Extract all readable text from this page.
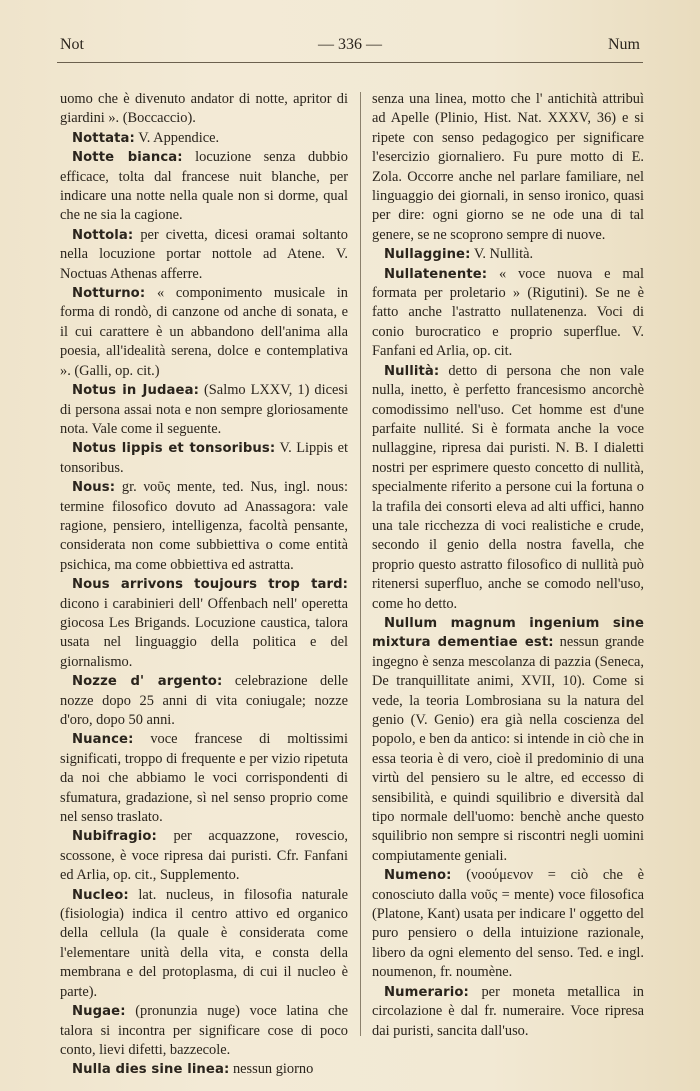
Not	— 336 —	Num

uomo che è divenuto andator di notte, apritor di giardini ». (Boccaccio).

Nottata: V. Appendice.

Notte bianca: locuzione senza dubbio efficace, tolta dal francese nuit blanche, per indicare una notte nella quale non si dorme, qual che ne sia la cagione.

Nottola: per civetta, dicesi oramai soltanto nella locuzione portar nottole ad Atene. V. Noctuas Athenas afferre.

Notturno: « componimento musicale in forma di rondò, di canzone od anche di sonata, e il cui carattere è un abbandono dell'anima alla poesia, all'idealità serena, dolce e contemplativa ». (Galli, op. cit.)

Notus in Judaea: (Salmo LXXV, 1) dicesi di persona assai nota e non sempre gloriosamente nota. Vale come il seguente.

Notus lippis et tonsoribus: V. Lippis et tonsoribus.

Nous: gr. νοῦς mente, ted. Nus, ingl. nous: termine filosofico dovuto ad Anassagora: vale ragione, pensiero, intelligenza, facoltà pensante, considerata non come subbiettiva o come entità psichica, ma come obbiettiva ed astratta.

Nous arrivons toujours trop tard: dicono i carabinieri dell' Offenbach nell' operetta giocosa Les Brigands. Locuzione caustica, talora usata nel linguaggio della politica e del giornalismo.

Nozze d' argento: celebrazione delle nozze dopo 25 anni di vita coniugale; nozze d'oro, dopo 50 anni.

Nuance: voce francese di moltissimi significati, troppo di frequente e per vizio ripetuta da noi che abbiamo le voci corrispondenti di sfumatura, gradazione, sì nel senso proprio come nel senso traslato.

Nubifragio: per acquazzone, rovescio, scossone, è voce ripresa dai puristi. Cfr. Fanfani ed Arlia, op. cit., Supplemento.

Nucleo: lat. nucleus, in filosofia naturale (fisiologia) indica il centro attivo ed organico della cellula (la quale è considerata come l'elementare unità della vita, e consta della membrana e del protoplasma, di cui il nucleo è parte).

Nugae: (pronunzia nuge) voce latina che talora si incontra per significare cose di poco conto, lievi difetti, bazzecole.

Nulla dies sine linea: nessun giorno

senza una linea, motto che l' antichità attribuì ad Apelle (Plinio, Hist. Nat. XXXV, 36) e si ripete con senso pedagogico per significare l'esercizio giornaliero. Fu pure motto di E. Zola. Occorre anche nel parlare familiare, nel linguaggio dei giornali, in senso ironico, quasi per dire: ogni giorno se ne ode una di tal genere, se ne scoprono sempre di nuove.

Nullaggine: V. Nullità.

Nullatenente: « voce nuova e mal formata per proletario » (Rigutini). Se ne è fatto anche l'astratto nullatenenza. Voci di conio burocratico e proprio superflue. V. Fanfani ed Arlia, op. cit.

Nullità: detto di persona che non vale nulla, inetto, è perfetto francesismo ancorchè comodissimo nell'uso. Cet homme est d'une parfaite nullité. Si è formata anche la voce nullaggine, ripresa dai puristi. N. B. I dialetti nostri per esprimere questo concetto di nullità, specialmente riferito a persone cui la fortuna o la trafila dei consorti eleva ad alti uffici, hanno una tale ricchezza di voci realistiche e crude, secondo il genio della nostra favella, che proprio questo astratto filosofico di nullità può ritenersi superfluo, anche se comodo nell'uso, come ho detto.

Nullum magnum ingenium sine mixtura dementiae est: nessun grande ingegno è senza mescolanza di pazzia (Seneca, De tranquillitate animi, XVII, 10). Come si vede, la teoria Lombrosiana su la natura del genio (V. Genio) era già nella coscienza del popolo, e ben da antico: si intende in ciò che in essa teoria è di vero, cioè il predominio di una virtù del pensiero su le altre, ed eccesso di sensibilità, e quindi squilibrio e diversità dal tipo normale dell'uomo: benchè anche questo squilibrio non sempre si riscontri negli uomini compiutamente geniali.

Numeno: (νοούμενον = ciò che è conosciuto dalla νοῦς = mente) voce filosofica (Platone, Kant) usata per indicare l' oggetto del puro pensiero o della intuizione razionale, libero da ogni elemento del senso. Ted. e ingl. noumenon, fr. noumène.

Numerario: per moneta metallica in circolazione è dal fr. numeraire. Voce ripresa dai puristi, sancita dall'uso.
